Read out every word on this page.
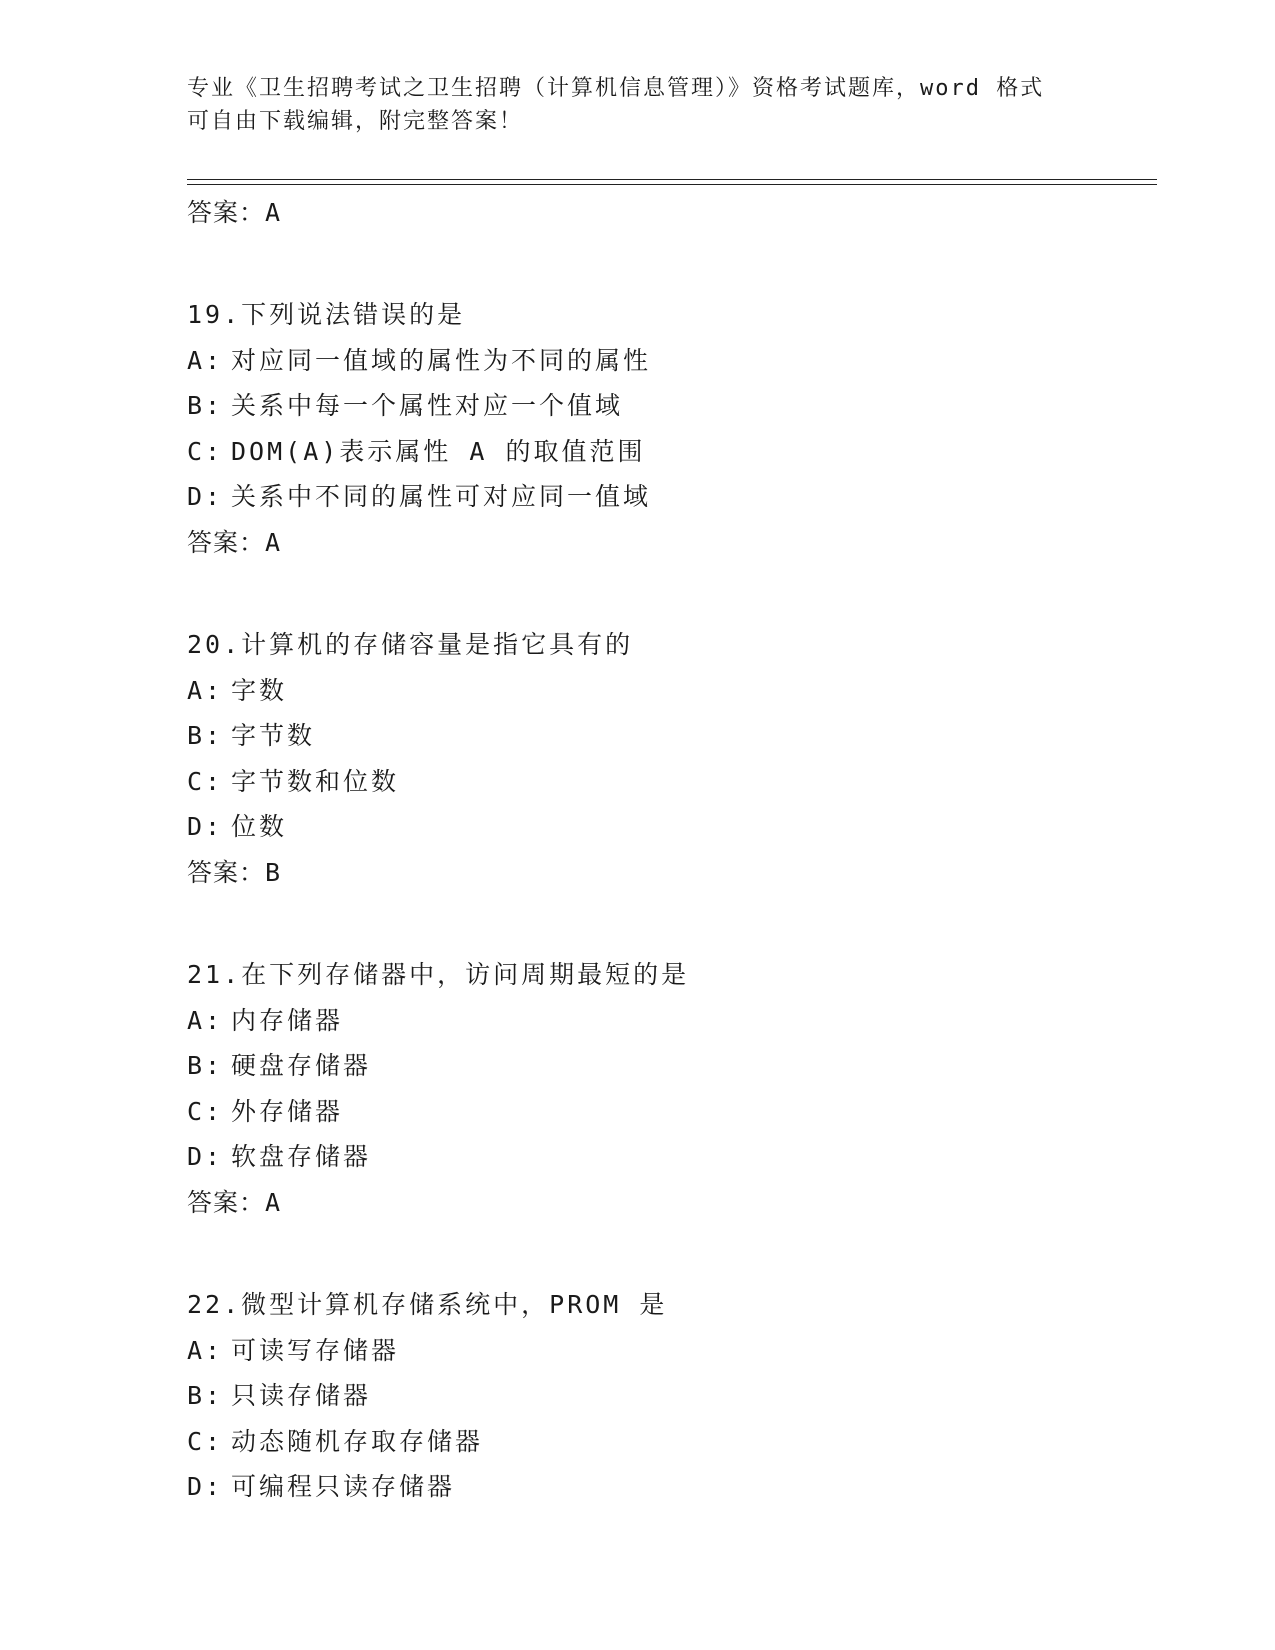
专业《卫生招聘考试之卫生招聘（计算机信息管理）》资格考试题库，word 格式
可自由下载编辑，附完整答案！
答案：A
19.下列说法错误的是
A: 对应同一值域的属性为不同的属性
B: 关系中每一个属性对应一个值域
C: DOM(A)表示属性 A 的取值范围
D: 关系中不同的属性可对应同一值域
答案：A
20.计算机的存储容量是指它具有的
A: 字数
B: 字节数
C: 字节数和位数
D: 位数
答案：B
21.在下列存储器中，访问周期最短的是
A: 内存储器
B: 硬盘存储器
C: 外存储器
D: 软盘存储器
答案：A
22.微型计算机存储系统中，PROM 是
A: 可读写存储器
B: 只读存储器
C: 动态随机存取存储器
D: 可编程只读存储器
